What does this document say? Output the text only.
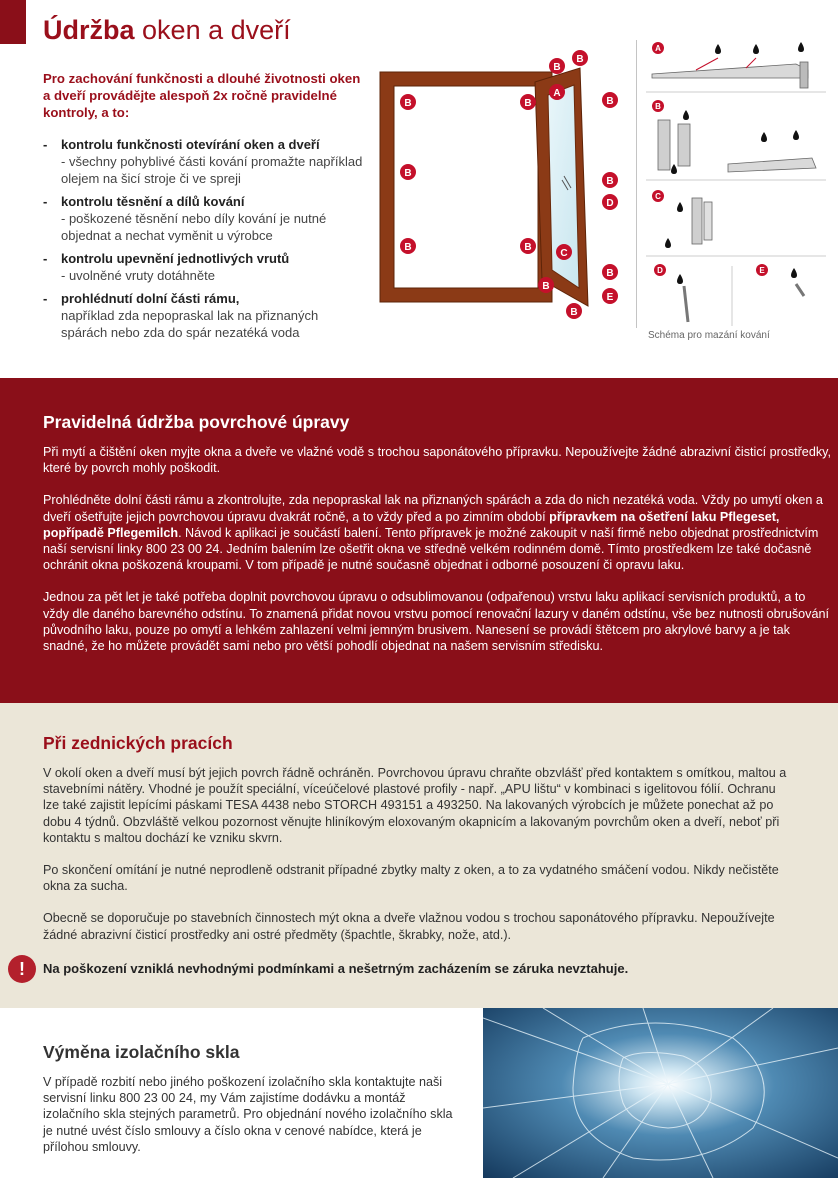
Údržba oken a dveří
Pro zachování funkčnosti a dlouhé životnosti oken a dveří provádějte alespoň 2x ročně pravidelné kontroly, a to:
- kontrolu funkčnosti otevírání oken a dveří
- všechny pohyblivé části kování promažte například olejem na šicí stroje či ve spreji
- kontrolu těsnění a dílů kování
- poškozené těsnění nebo díly kování je nutné objednat a nechat vyměnit u výrobce
- kontrolu upevnění jednotlivých vrutů
- uvolněné vruty dotáhněte
- prohlédnutí dolní části rámu,
například zda nepopraskal lak na přiznaných spárách nebo zda do spár nezatéká voda
A
B
B
B	B	B
B
B
B	B
B
B
B
C
D
E
A
B
C
D	E
Schéma pro mazání kování
Pravidelná údržba povrchové úpravy

Při mytí a čištění oken myjte okna a dveře ve vlažné vodě s trochou saponátového přípravku. Nepoužívejte žádné abrazivní čisticí prostředky, které by povrch mohly poškodit.

Prohlédněte dolní části rámu a zkontrolujte, zda nepopraskal lak na přiznaných spárách a zda do nich nezatéká voda. Vždy po umytí oken a dveří ošetřujte jejich povrchovou úpravu dvakrát ročně, a to vždy před a po zimním období přípravkem na ošetření laku Pflegeset, popřípadě Pflegemilch. Návod k aplikaci je součástí balení. Tento přípravek je možné zakoupit v naší firmě nebo objednat prostřednictvím naší servisní linky 800 23 00 24. Jedním balením lze ošetřit okna ve středně velkém rodinném domě. Tímto prostředkem lze také dočasně ochránit okna poškozená kroupami. V tom případě je nutné současně objednat i odborné posouzení či opravu laku.

Jednou za pět let je také potřeba doplnit povrchovou úpravu o odsublimovanou (odpařenou) vrstvu laku aplikací servisních produktů, a to vždy dle daného barevného odstínu. To znamená přidat novou vrstvu pomocí renovační lazury v daném odstínu, vše bez nutnosti obrušování původního laku, pouze po omytí a lehkém zahlazení velmi jemným brusivem. Nanesení se provádí štětcem pro akrylové barvy a je tak snadné, že ho můžete provádět sami nebo pro větší pohodlí objednat na našem servisním středisku.

Při zednických pracích

V okolí oken a dveří musí být jejich povrch řádně ochráněn. Povrchovou úpravu chraňte obzvlášť před kontaktem s omítkou, maltou a stavebními nátěry. Vhodné je použít speciální, víceúčelové plastové profily - např. „APU lištu“ v kombinaci s igelitovou fólií. Ochranu lze také zajistit lepícími páskami TESA 4438 nebo STORCH 493151 a 493250. Na lakovaných výrobcích je můžete ponechat až po dobu 4 týdnů. Obzvláště velkou pozornost věnujte hliníkovým eloxovaným okapnicím a lakovaným povrchům oken a dveří, neboť při kontaktu s maltou dochází ke vzniku skvrn.

Po skončení omítání je nutné neprodleně odstranit případné zbytky malty z oken, a to za vydatného smáčení vodou. Nikdy nečistěte okna za sucha.

Obecně se doporučuje po stavebních činnostech mýt okna a dveře vlažnou vodou s trochou saponátového přípravku. Nepoužívejte žádné abrazivní čisticí prostředky ani ostré předměty (špachtle, škrabky, nože, atd.).

!	Na poškození vzniklá nevhodnými podmínkami a nešetrným zacházením se záruka nevztahuje.
Výměna izolačního skla
V případě rozbití nebo jiného poškození izolačního skla kontaktujte naši servisní linku 800 23 00 24, my Vám zajistíme dodávku a montáž izolačního skla stejných parametrů. Pro objednání nového izolačního skla je nutné uvést číslo smlouvy a číslo okna v cenové nabídce, která je přílohou smlouvy.
